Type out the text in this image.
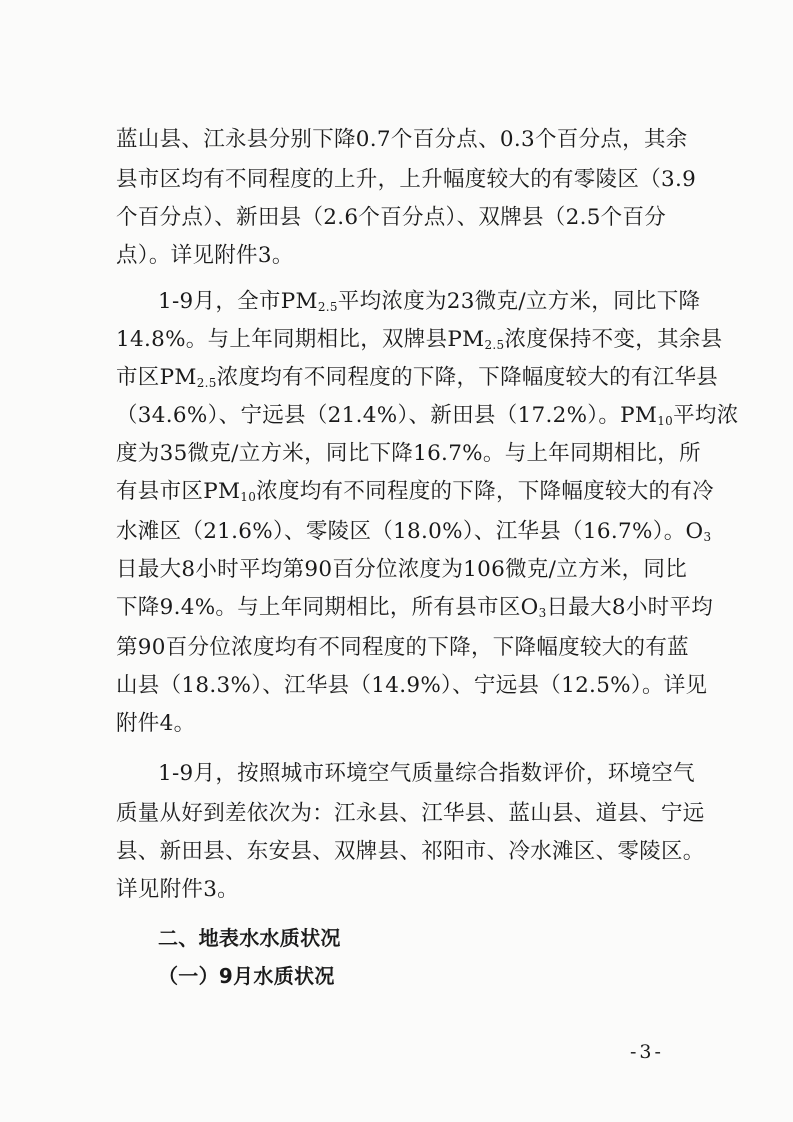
蓝山县、江永县分别下降0.7个百分点、0.3个百分点，其余
县市区均有不同程度的上升，上升幅度较大的有零陵区（3.9
个百分点）、新田县（2.6个百分点）、双牌县（2.5个百分
点）。详见附件3。
1-9月，全市$PM_{2.5}$平均浓度为23微克/立方米，同比下降
14.8%。与上年同期相比，双牌县$PM_{2.5}$浓度保持不变，其余县
市区$PM_{2.5}$浓度均有不同程度的下降，下降幅度较大的有江华县
（34.6%）、宁远县（21.4%）、新田县（17.2%）。$PM_{10}$平均浓
度为35微克/立方米，同比下降16.7%。与上年同期相比，所
有县市区$PM_{10}$浓度均有不同程度的下降，下降幅度较大的有冷
水滩区（21.6%）、零陵区（18.0%）、江华县（16.7%）。$O_3$
日最大8小时平均第90百分位浓度为106微克/立方米，同比
下降9.4%。与上年同期相比，所有县市区$O_3$日最大8小时平均
第90百分位浓度均有不同程度的下降，下降幅度较大的有蓝
山县（18.3%）、江华县（14.9%）、宁远县（12.5%）。详见
附件4。
1-9月，按照城市环境空气质量综合指数评价，环境空气
质量从好到差依次为：江永县、江华县、蓝山县、道县、宁远
县、新田县、东安县、双牌县、祁阳市、冷水滩区、零陵区。
详见附件3。
二、地表水水质状况
（一）9月水质状况
-3-
